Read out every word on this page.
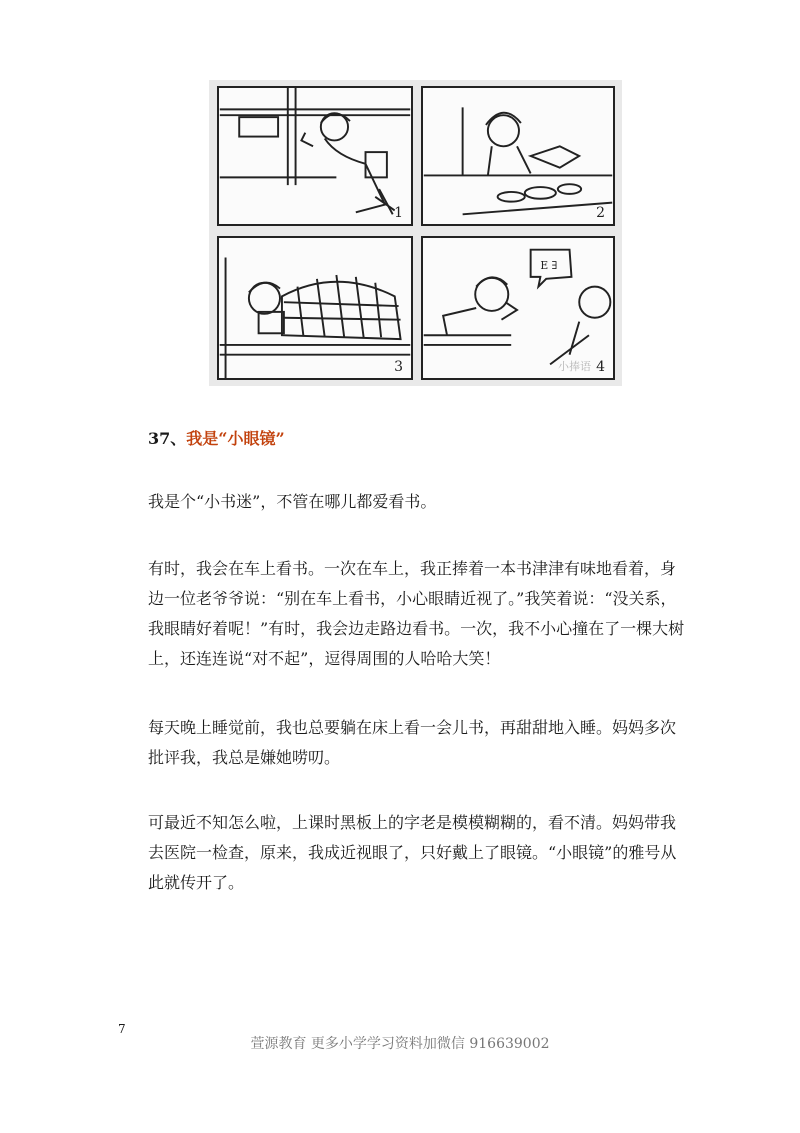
1	2
3
E ∃
小捧语 4
37、我是“小眼镜”

我是个“小书迷”，不管在哪儿都爱看书。

有时，我会在车上看书。一次在车上，我正捧着一本书津津有味地看着，身边一位老爷爷说：“别在车上看书，小心眼睛近视了。”我笑着说：“没关系，我眼睛好着呢！”有时，我会边走路边看书。一次，我不小心撞在了一棵大树上，还连连说“对不起”，逗得周围的人哈哈大笑！

每天晚上睡觉前，我也总要躺在床上看一会儿书，再甜甜地入睡。妈妈多次批评我，我总是嫌她唠叨。

可最近不知怎么啦，上课时黑板上的字老是模模糊糊的，看不清。妈妈带我去医院一检查，原来，我成近视眼了，只好戴上了眼镜。“小眼镜”的雅号从此就传开了。

7
萱源教育 更多小学学习资料加微信 916639002
